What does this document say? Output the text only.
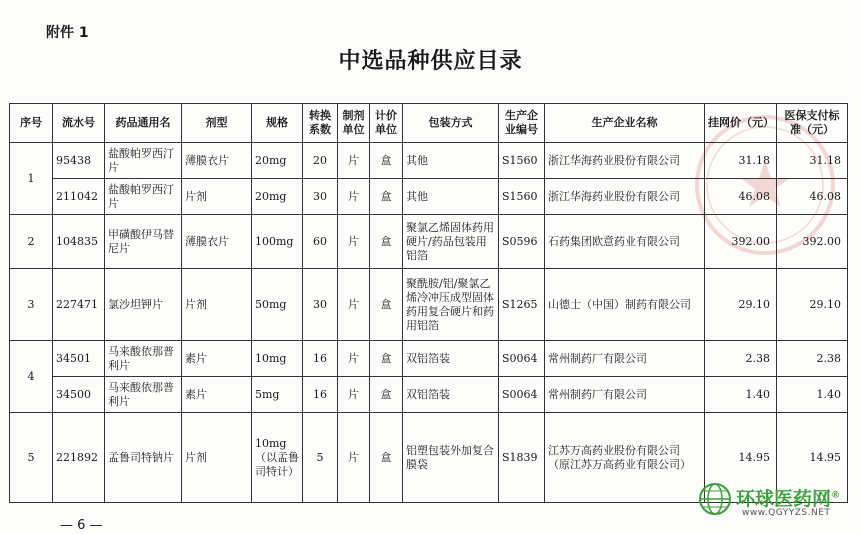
附件 1
中选品种供应目录
序号	流水号	药品通用名	剂型	规格	转换系数	制剂单位	计价单位	包装方式	生产企业编号	生产企业名称	挂网价（元）	医保支付标准（元）
1	95438	盐酸帕罗西汀片	薄膜衣片	20mg	20	片	盒	其他	S1560	浙江华海药业股份有限公司	31.18	31.18
	211042	盐酸帕罗西汀片	片剂	20mg	30	片	盒	其他	S1560	浙江华海药业股份有限公司	46.08	46.08
2	104835	甲磺酸伊马替尼片	薄膜衣片	100mg	60	片	盒	聚氯乙烯固体药用硬片/药品包装用铝箔	S0596	石药集团欧意药业有限公司	392.00	392.00
3	227471	氯沙坦钾片	片剂	50mg	30	片	盒	聚酰胺/铝/聚氯乙烯冷冲压成型固体药用复合硬片和药用铝箔	S1265	山德士（中国）制药有限公司	29.10	29.10
4	34501	马来酸依那普利片	素片	10mg	16	片	盒	双铝箔装	S0064	常州制药厂有限公司	2.38	2.38
	34500	马来酸依那普利片	素片	5mg	16	片	盒	双铝箔装	S0064	常州制药厂有限公司	1.40	1.40
5	221892	孟鲁司特钠片	片剂	10mg（以孟鲁司特计）	5	片	盒	铝塑包装外加复合膜袋	S1839	江苏万高药业股份有限公司（原江苏万高药业有限公司）	14.95	14.95
— 6 —
环球医药网®
www.QGYYZS.NET
